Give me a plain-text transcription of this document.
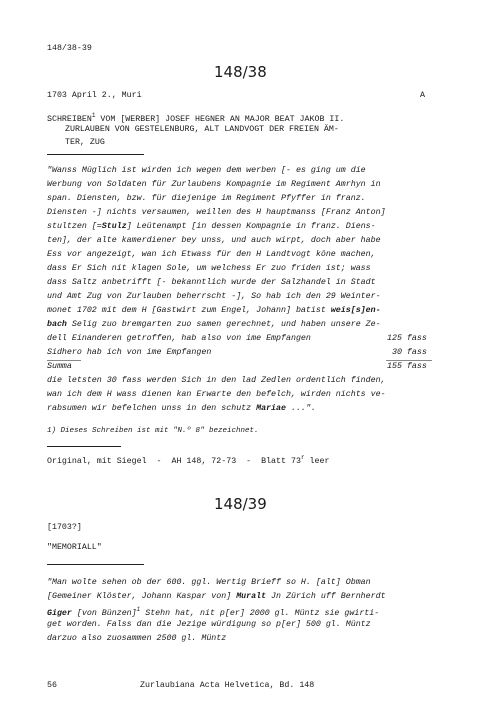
148/38-39
148/38
1703 April 2., Muri	A
SCHREIBEN$^1$ VOM [WERBER] JOSEF HEGNER AN MAJOR BEAT JAKOB II.
ZURLAUBEN VON GESTELENBURG, ALT LANDVOGT DER FREIEN ÄM-
TER, ZUG
"Wanss Müglich ist wirden ich wegen dem werben [- es ging um die
Werbung von Soldaten für Zurlaubens Kompagnie im Regiment Amrhyn in
span. Diensten, bzw. für diejenige im Regiment Pfyffer in franz.
Diensten -] nichts versaumen, weillen des H hauptmanss [Franz Anton]
stultzen [=Stulz] Leütenampt [in dessen Kompagnie in franz. Diens-
ten], der alte kamerdiener bey unss, und auch wirpt, doch aber habe
Ess vor angezeigt, wan ich Etwass für den H Landtvogt köne machen,
dass Er Sich nit klagen Sole, um welchess Er zuo friden ist; wass
dass Saltz anbetrifft [- bekanntlich wurde der Salzhandel in Stadt
und Amt Zug von Zurlauben beherrscht -], So hab ich den 29 Weinter-
monet 1702 mit dem H [Gastwirt zum Engel, Johann] batist weis[s]en-
bach Selig zuo bremgarten zuo samen gerechnet, und haben unsere Ze-
dell Einanderen getroffen, hab also von ime Empfangen	125 fass
Sidhero hab ich von ime Empfangen	30 fass
Summa	155 fass
die letsten 30 fass werden Sich in den lad Zedlen ordentlich finden,
wan ich dem H wass dienen kan Erwarte den befelch, wirden nichts ve-
rabsumen wir befelchen unss in den schutz Mariae ...".
1) Dieses Schreiben ist mit "N.º 8" bezeichnet.
Original, mit Siegel  -  AH 148, 72-73  -  Blatt 73$^r$ leer
148/39
[1703?]
"MEMORIALL"
"Man wolte sehen ob der 600. ggl. Wertig Brieff so H. [alt] Obman
[Gemeiner Klöster, Johann Kaspar von] Muralt Jn Zürich uff Bernherdt
Giger [von Bünzen]$^1$ Stehn hat, nit p[er] 2000 gl. Müntz sie gwirti-
get worden. Falss dan die Jezige würdigung so p[er] 500 gl. Müntz
darzuo also zuosammen 2500 gl. Müntz
56	Zurlaubiana Acta Helvetica, Bd. 148
